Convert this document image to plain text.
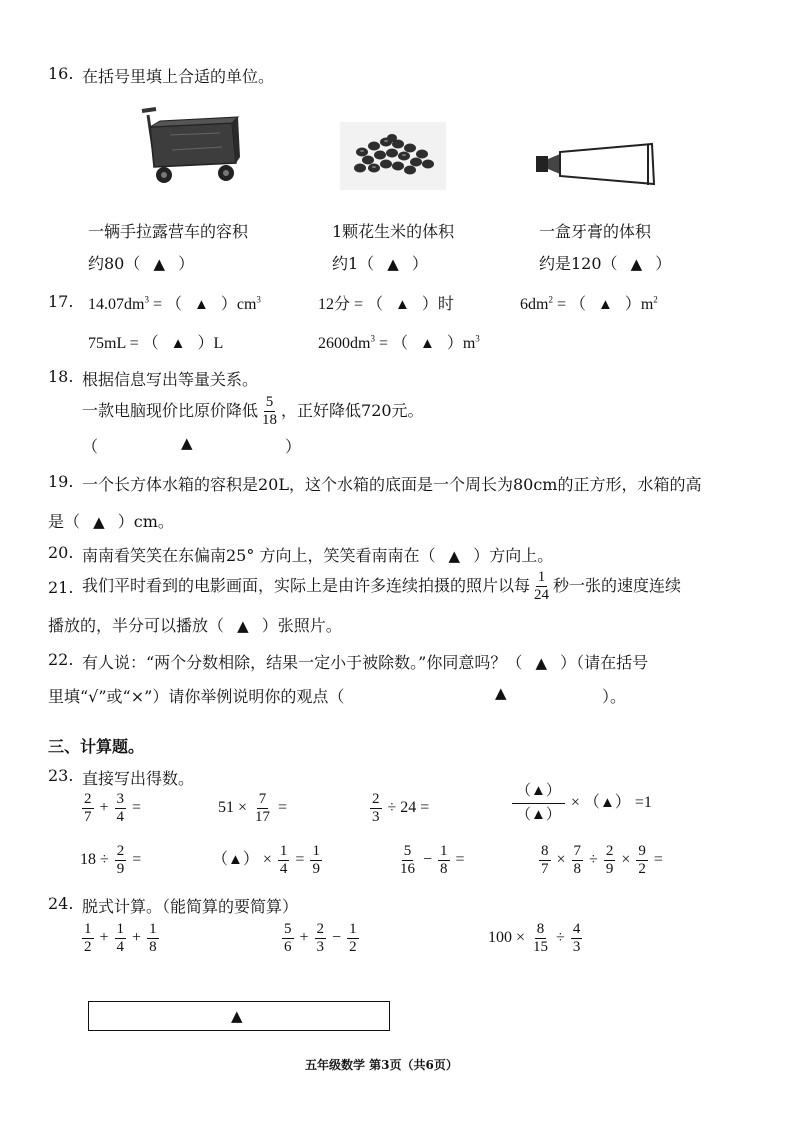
16. 在括号里填上合适的单位。
一辆手拉露营车的容积
约80（ ▲ ）
1颗花生米的体积
约1（ ▲ ）
一盒牙膏的体积
约是120（ ▲ ）
17. $14.07dm^3$ = （ ▲ ）$cm^3$	12分 = （ ▲ ）时	$6dm^2$ = （ ▲ ）$m^2$
75mL = （ ▲ ）L	$2600dm^3$ = （ ▲ ）$m^3$
18. 根据信息写出等量关系。
一款电脑现价比原价降低 $\frac{5}{18}$ ，正好降低720元。
（	▲	）
19. 一个长方体水箱的容积是20L，这个水箱的底面是一个周长为80cm的正方形，水箱的高
是（ ▲ ）cm。
20. 南南看笑笑在东偏南25° 方向上，笑笑看南南在（ ▲ ）方向上。
21. 我们平时看到的电影画面，实际上是由许多连续拍摄的照片以每 $\frac{1}{24}$ 秒一张的速度连续
播放的，半分可以播放（ ▲ ）张照片。
22. 有人说：“两个分数相除，结果一定小于被除数。”你同意吗？（ ▲ ）（请在括号
里填“√”或“×”）请你举例说明你的观点（	▲	）。
三、计算题。
23. 直接写出得数。
$\frac{2}{7} + \frac{3}{4}$ =	$51 \times \frac{7}{17}$ =	$\frac{2}{3} \div 24$ =	$\frac{(▲)}{(▲)}$ × （▲） =1
$18 \div \frac{2}{9}$ =	（▲） × $\frac{1}{4} = \frac{1}{9}$	$\frac{5}{16} - \frac{1}{8}$ =	$\frac{8}{7} \times \frac{7}{8} \div \frac{2}{9} \times \frac{9}{2}$ =
24. 脱式计算。（能简算的要简算）
$\frac{1}{2} + \frac{1}{4} + \frac{1}{8}$	$\frac{5}{6} + \frac{2}{3} - \frac{1}{2}$	$100 \times \frac{8}{15} \div \frac{4}{3}$
▲
五年级数学 第3页（共6页）
